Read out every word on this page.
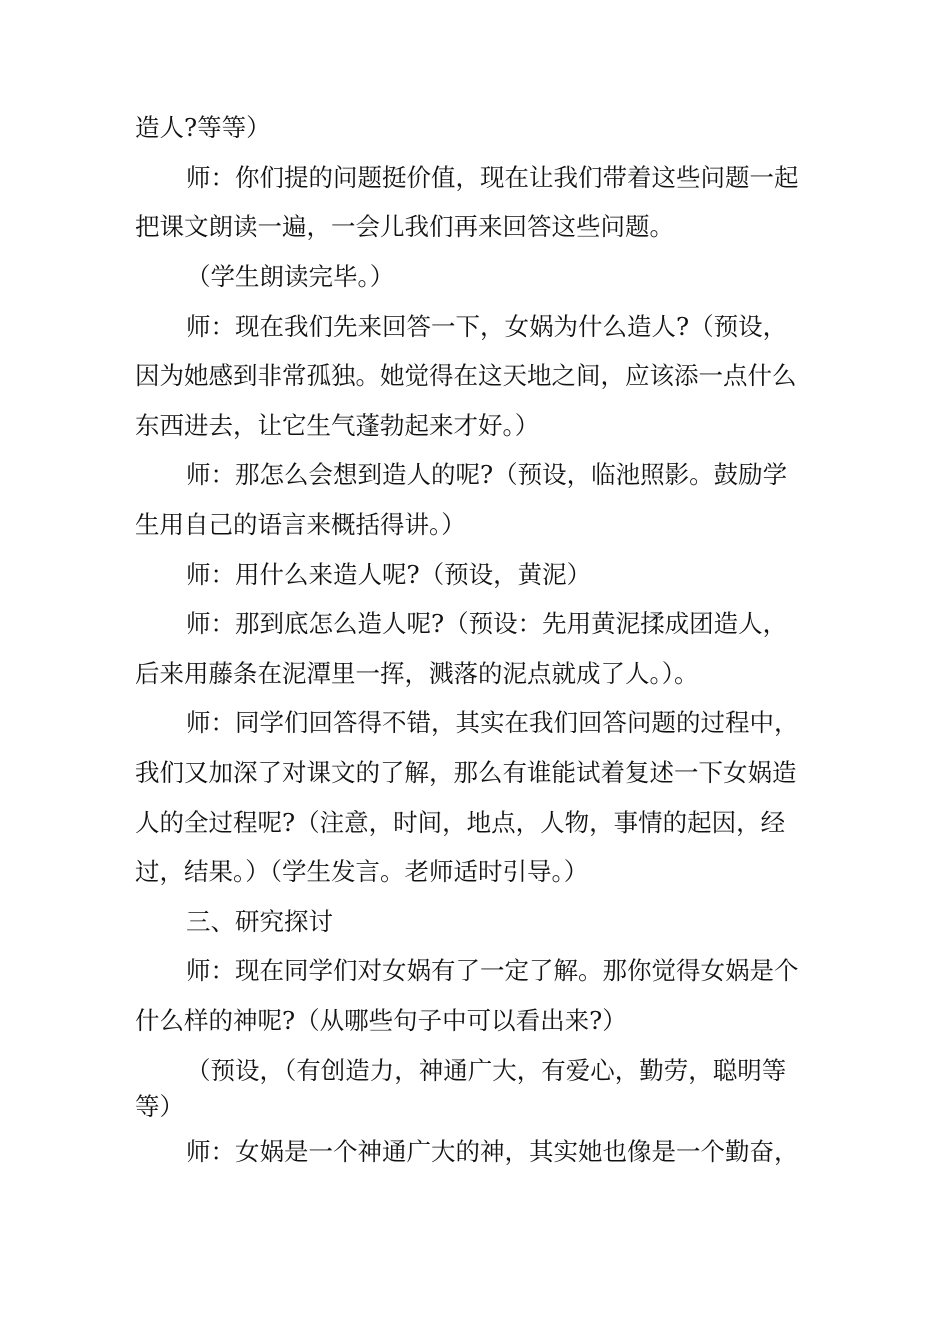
造人?等等）
师：你们提的问题挺价值，现在让我们带着这些问题一起
把课文朗读一遍，一会儿我们再来回答这些问题。
（学生朗读完毕。）
师：现在我们先来回答一下，女娲为什么造人?（预设，
因为她感到非常孤独。她觉得在这天地之间，应该添一点什么
东西进去，让它生气蓬勃起来才好。）
师：那怎么会想到造人的呢?（预设，临池照影。鼓励学
生用自己的语言来概括得讲。）
师：用什么来造人呢?（预设，黄泥）
师：那到底怎么造人呢?（预设：先用黄泥揉成团造人，
后来用藤条在泥潭里一挥，溅落的泥点就成了人。）。
师：同学们回答得不错，其实在我们回答问题的过程中，
我们又加深了对课文的了解，那么有谁能试着复述一下女娲造
人的全过程呢?（注意，时间，地点，人物，事情的起因，经
过，结果。）（学生发言。老师适时引导。）
三、研究探讨
师：现在同学们对女娲有了一定了解。那你觉得女娲是个
什么样的神呢?（从哪些句子中可以看出来?）
（预设，（有创造力，神通广大，有爱心，勤劳，聪明等
等）
师：女娲是一个神通广大的神，其实她也像是一个勤奋，
